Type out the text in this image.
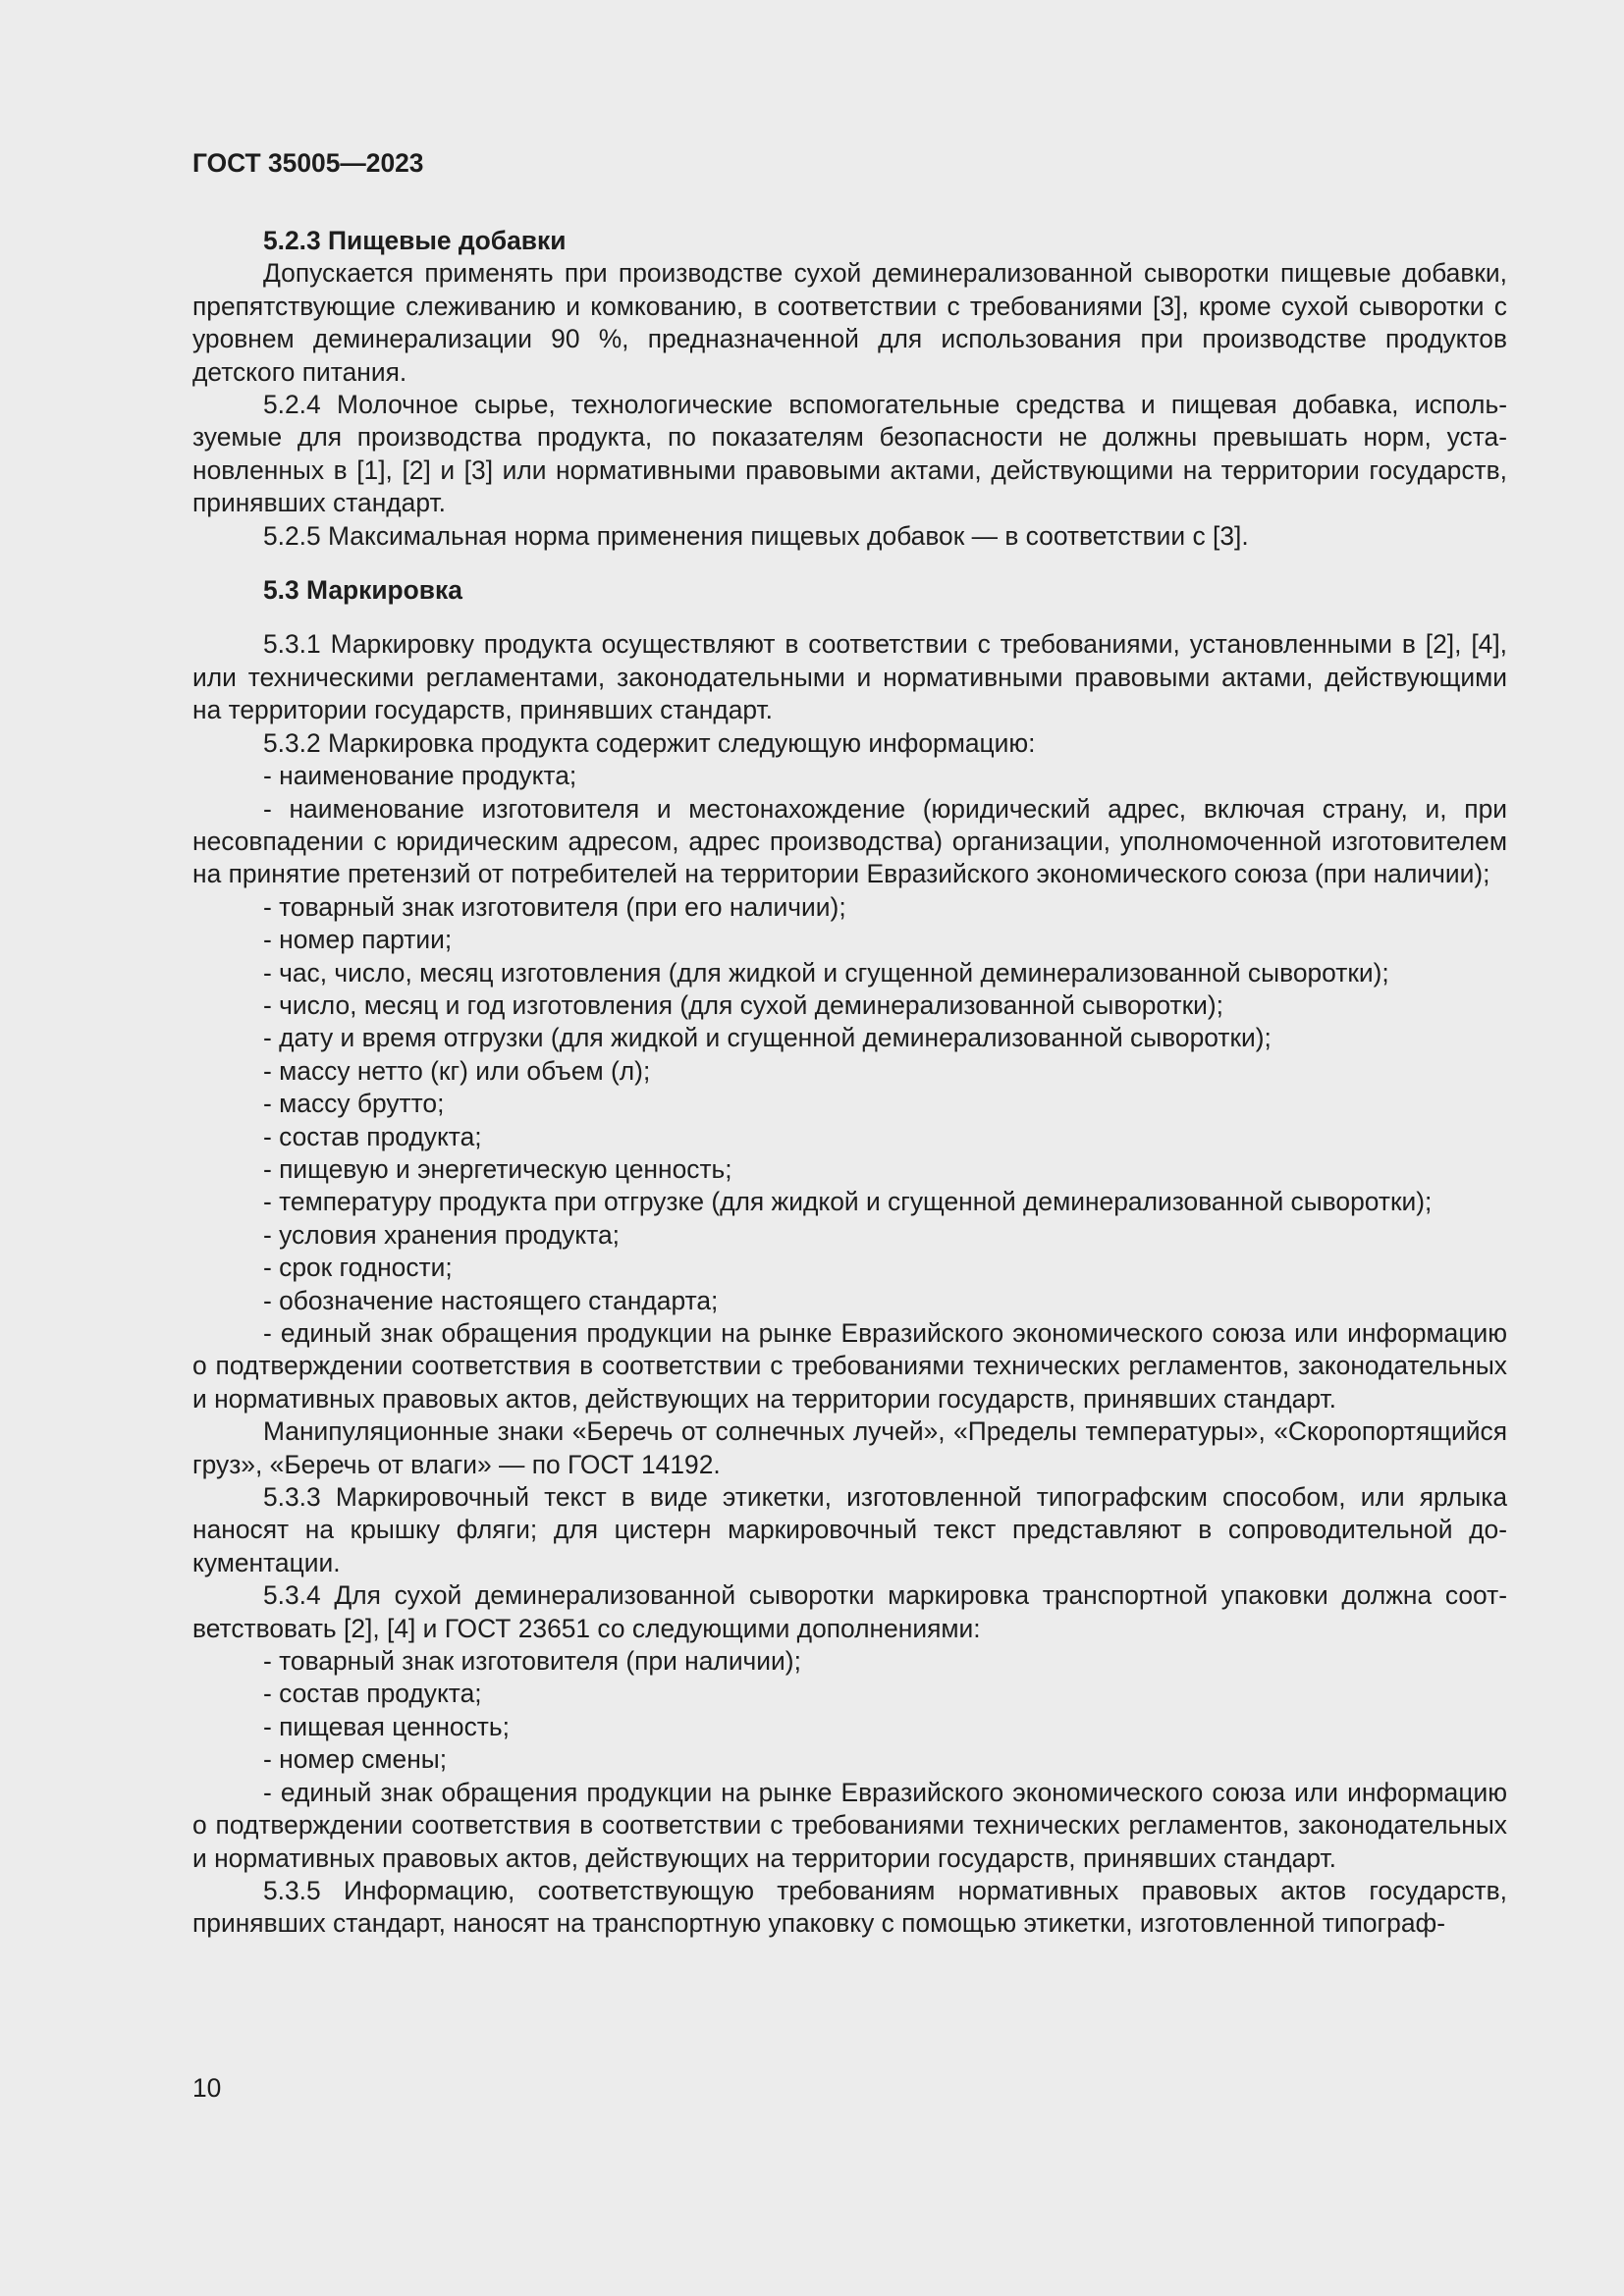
ГОСТ 35005—2023

5.2.3 Пищевые добавки

Допускается применять при производстве сухой деминерализованной сыворотки пищевые добавки, препятствующие слеживанию и комкованию, в соответствии с требованиями [3], кроме сухой сыворотки с уровнем деминерализации 90 %, предназначенной для использования при производстве продуктов детского питания.

5.2.4 Молочное сырье, технологические вспомогательные средства и пищевая добавка, используемые для производства продукта, по показателям безопасности не должны превышать норм, установленных в [1], [2] и [3] или нормативными правовыми актами, действующими на территории государств, принявших стандарт.

5.2.5 Максимальная норма применения пищевых добавок — в соответствии с [3].

5.3 Маркировка

5.3.1 Маркировку продукта осуществляют в соответствии с требованиями, установленными в [2], [4], или техническими регламентами, законодательными и нормативными правовыми актами, действующими на территории государств, принявших стандарт.

5.3.2 Маркировка продукта содержит следующую информацию:

- наименование продукта;

- наименование изготовителя и местонахождение (юридический адрес, включая страну, и, при несовпадении с юридическим адресом, адрес производства) организации, уполномоченной изготовителем на принятие претензий от потребителей на территории Евразийского экономического союза (при наличии);

- товарный знак изготовителя (при его наличии);

- номер партии;

- час, число, месяц изготовления (для жидкой и сгущенной деминерализованной сыворотки);

- число, месяц и год изготовления (для сухой деминерализованной сыворотки);

- дату и время отгрузки (для жидкой и сгущенной деминерализованной сыворотки);

- массу нетто (кг) или объем (л);

- массу брутто;

- состав продукта;

- пищевую и энергетическую ценность;

- температуру продукта при отгрузке (для жидкой и сгущенной деминерализованной сыворотки);

- условия хранения продукта;

- срок годности;

- обозначение настоящего стандарта;

- единый знак обращения продукции на рынке Евразийского экономического союза или информацию о подтверждении соответствия в соответствии с требованиями технических регламентов, законодательных и нормативных правовых актов, действующих на территории государств, принявших стандарт.

Манипуляционные знаки «Беречь от солнечных лучей», «Пределы температуры», «Скоропортящийся груз», «Беречь от влаги» — по ГОСТ 14192.

5.3.3 Маркировочный текст в виде этикетки, изготовленной типографским способом, или ярлыка наносят на крышку фляги; для цистерн маркировочный текст представляют в сопроводительной документации.

5.3.4 Для сухой деминерализованной сыворотки маркировка транспортной упаковки должна соответствовать [2], [4] и ГОСТ 23651 со следующими дополнениями:

- товарный знак изготовителя (при наличии);

- состав продукта;

- пищевая ценность;

- номер смены;

- единый знак обращения продукции на рынке Евразийского экономического союза или информацию о подтверждении соответствия в соответствии с требованиями технических регламентов, законодательных и нормативных правовых актов, действующих на территории государств, принявших стандарт.

5.3.5 Информацию, соответствующую требованиям нормативных правовых актов государств, принявших стандарт, наносят на транспортную упаковку с помощью этикетки, изготовленной типограф-

10
